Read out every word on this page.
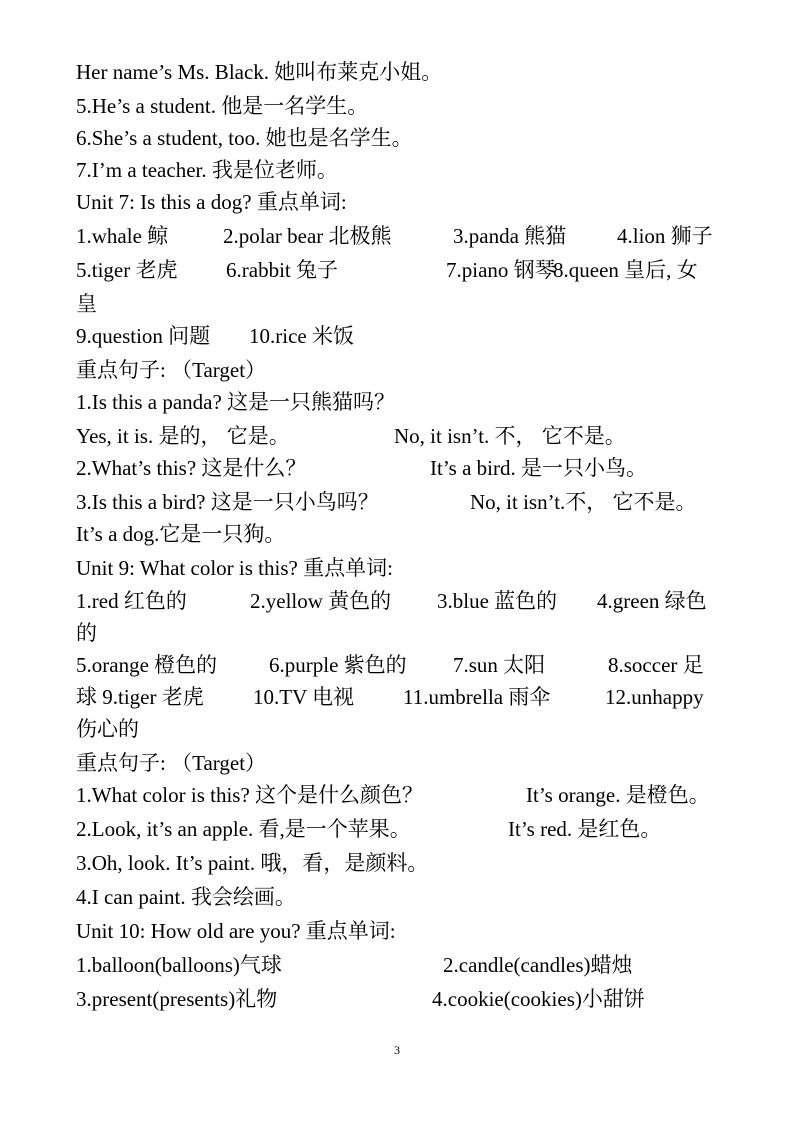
Her name’s Ms. Black. 她叫布莱克小姐。
5.He’s a student. 他是一名学生。
6.She’s a student, too. 她也是名学生。
7.I’m a teacher. 我是位老师。
Unit 7: Is this a dog? 重点单词:
1.whale 鲸	2.polar bear 北极熊	3.panda 熊猫 4.lion 狮子
5.tiger 老虎 6.rabbit 兔子	7.piano 钢琴
8.queen 皇后, 女
皇
9.question 问题 10.rice 米饭
重点句子: （Target）
1.Is this a panda? 这是一只熊猫吗？
Yes, it is. 是的， 它是。	No, it isn’t. 不， 它不是。
2.What’s this? 这是什么？	It’s a bird. 是一只小鸟。
3.Is this a bird? 这是一只小鸟吗？	No, it isn’t.不， 它不是。
It’s a dog.它是一只狗。
Unit 9: What color is this? 重点单词:
1.red 红色的	2.yellow 黄色的 3.blue 蓝色的 4.green 绿色
的
5.orange 橙色的 6.purple 紫色的 7.sun 太阳	8.soccer 足
球 9.tiger 老虎 10.TV 电视 11.umbrella 雨伞	12.unhappy
伤心的
重点句子: （Target）
1.What color is this? 这个是什么颜色？	It’s orange. 是橙色。
2.Look, it’s an apple. 看,是一个苹果。	It’s red. 是红色。
3.Oh, look. It’s paint. 哦，看，是颜料。
4.I can paint. 我会绘画。
Unit 10: How old are you? 重点单词:
1.balloon(balloons)气球	2.candle(candles)蜡烛
3.present(presents)礼物	4.cookie(cookies)小甜饼
3
